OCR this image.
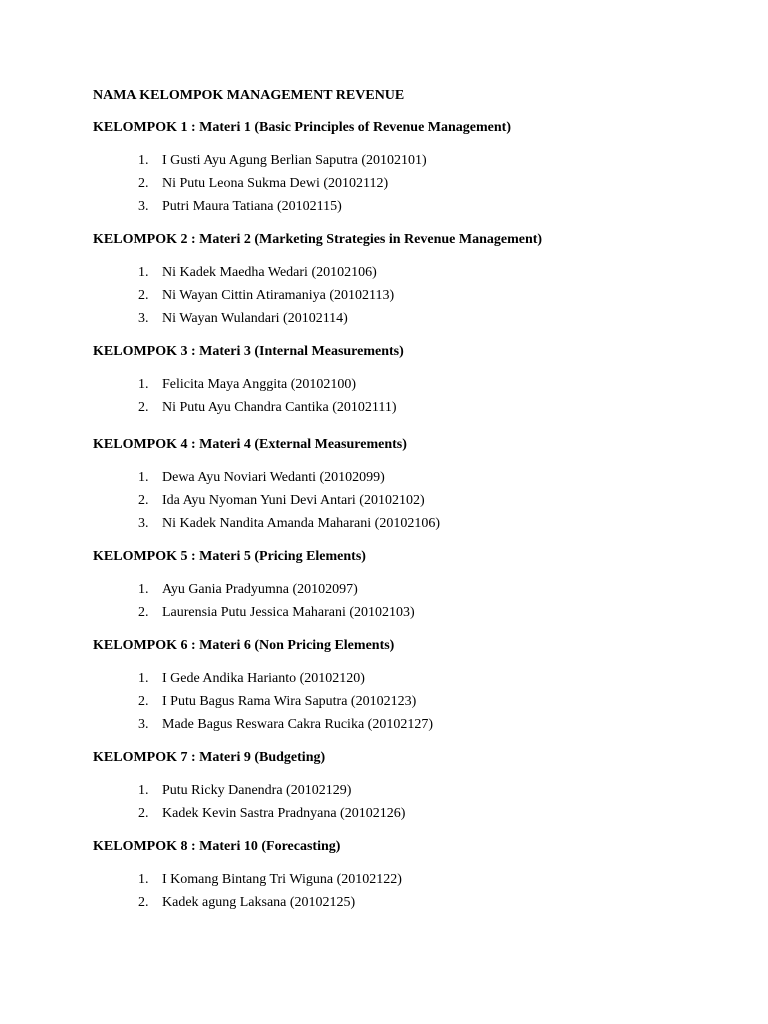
NAMA KELOMPOK MANAGEMENT REVENUE
KELOMPOK 1 : Materi 1 (Basic Principles of Revenue Management)
1. I Gusti Ayu Agung Berlian Saputra (20102101)
2. Ni Putu Leona Sukma Dewi (20102112)
3. Putri Maura Tatiana (20102115)
KELOMPOK 2 : Materi 2 (Marketing Strategies in Revenue Management)
1. Ni Kadek Maedha Wedari (20102106)
2. Ni Wayan Cittin Atiramaniya (20102113)
3. Ni Wayan Wulandari (20102114)
KELOMPOK 3 : Materi 3 (Internal Measurements)
1. Felicita Maya Anggita (20102100)
2. Ni Putu Ayu Chandra Cantika (20102111)
KELOMPOK 4 : Materi 4 (External Measurements)
1. Dewa Ayu Noviari Wedanti (20102099)
2. Ida Ayu Nyoman Yuni Devi Antari (20102102)
3. Ni Kadek Nandita Amanda Maharani (20102106)
KELOMPOK 5 : Materi 5 (Pricing Elements)
1. Ayu Gania Pradyumna (20102097)
2. Laurensia Putu Jessica Maharani (20102103)
KELOMPOK 6 : Materi 6 (Non Pricing Elements)
1. I Gede Andika Harianto (20102120)
2. I Putu Bagus Rama Wira Saputra (20102123)
3. Made Bagus Reswara Cakra Rucika (20102127)
KELOMPOK 7 : Materi 9 (Budgeting)
1. Putu Ricky Danendra (20102129)
2. Kadek Kevin Sastra Pradnyana (20102126)
KELOMPOK 8 : Materi 10 (Forecasting)
1. I Komang Bintang Tri Wiguna (20102122)
2. Kadek agung Laksana (20102125)
